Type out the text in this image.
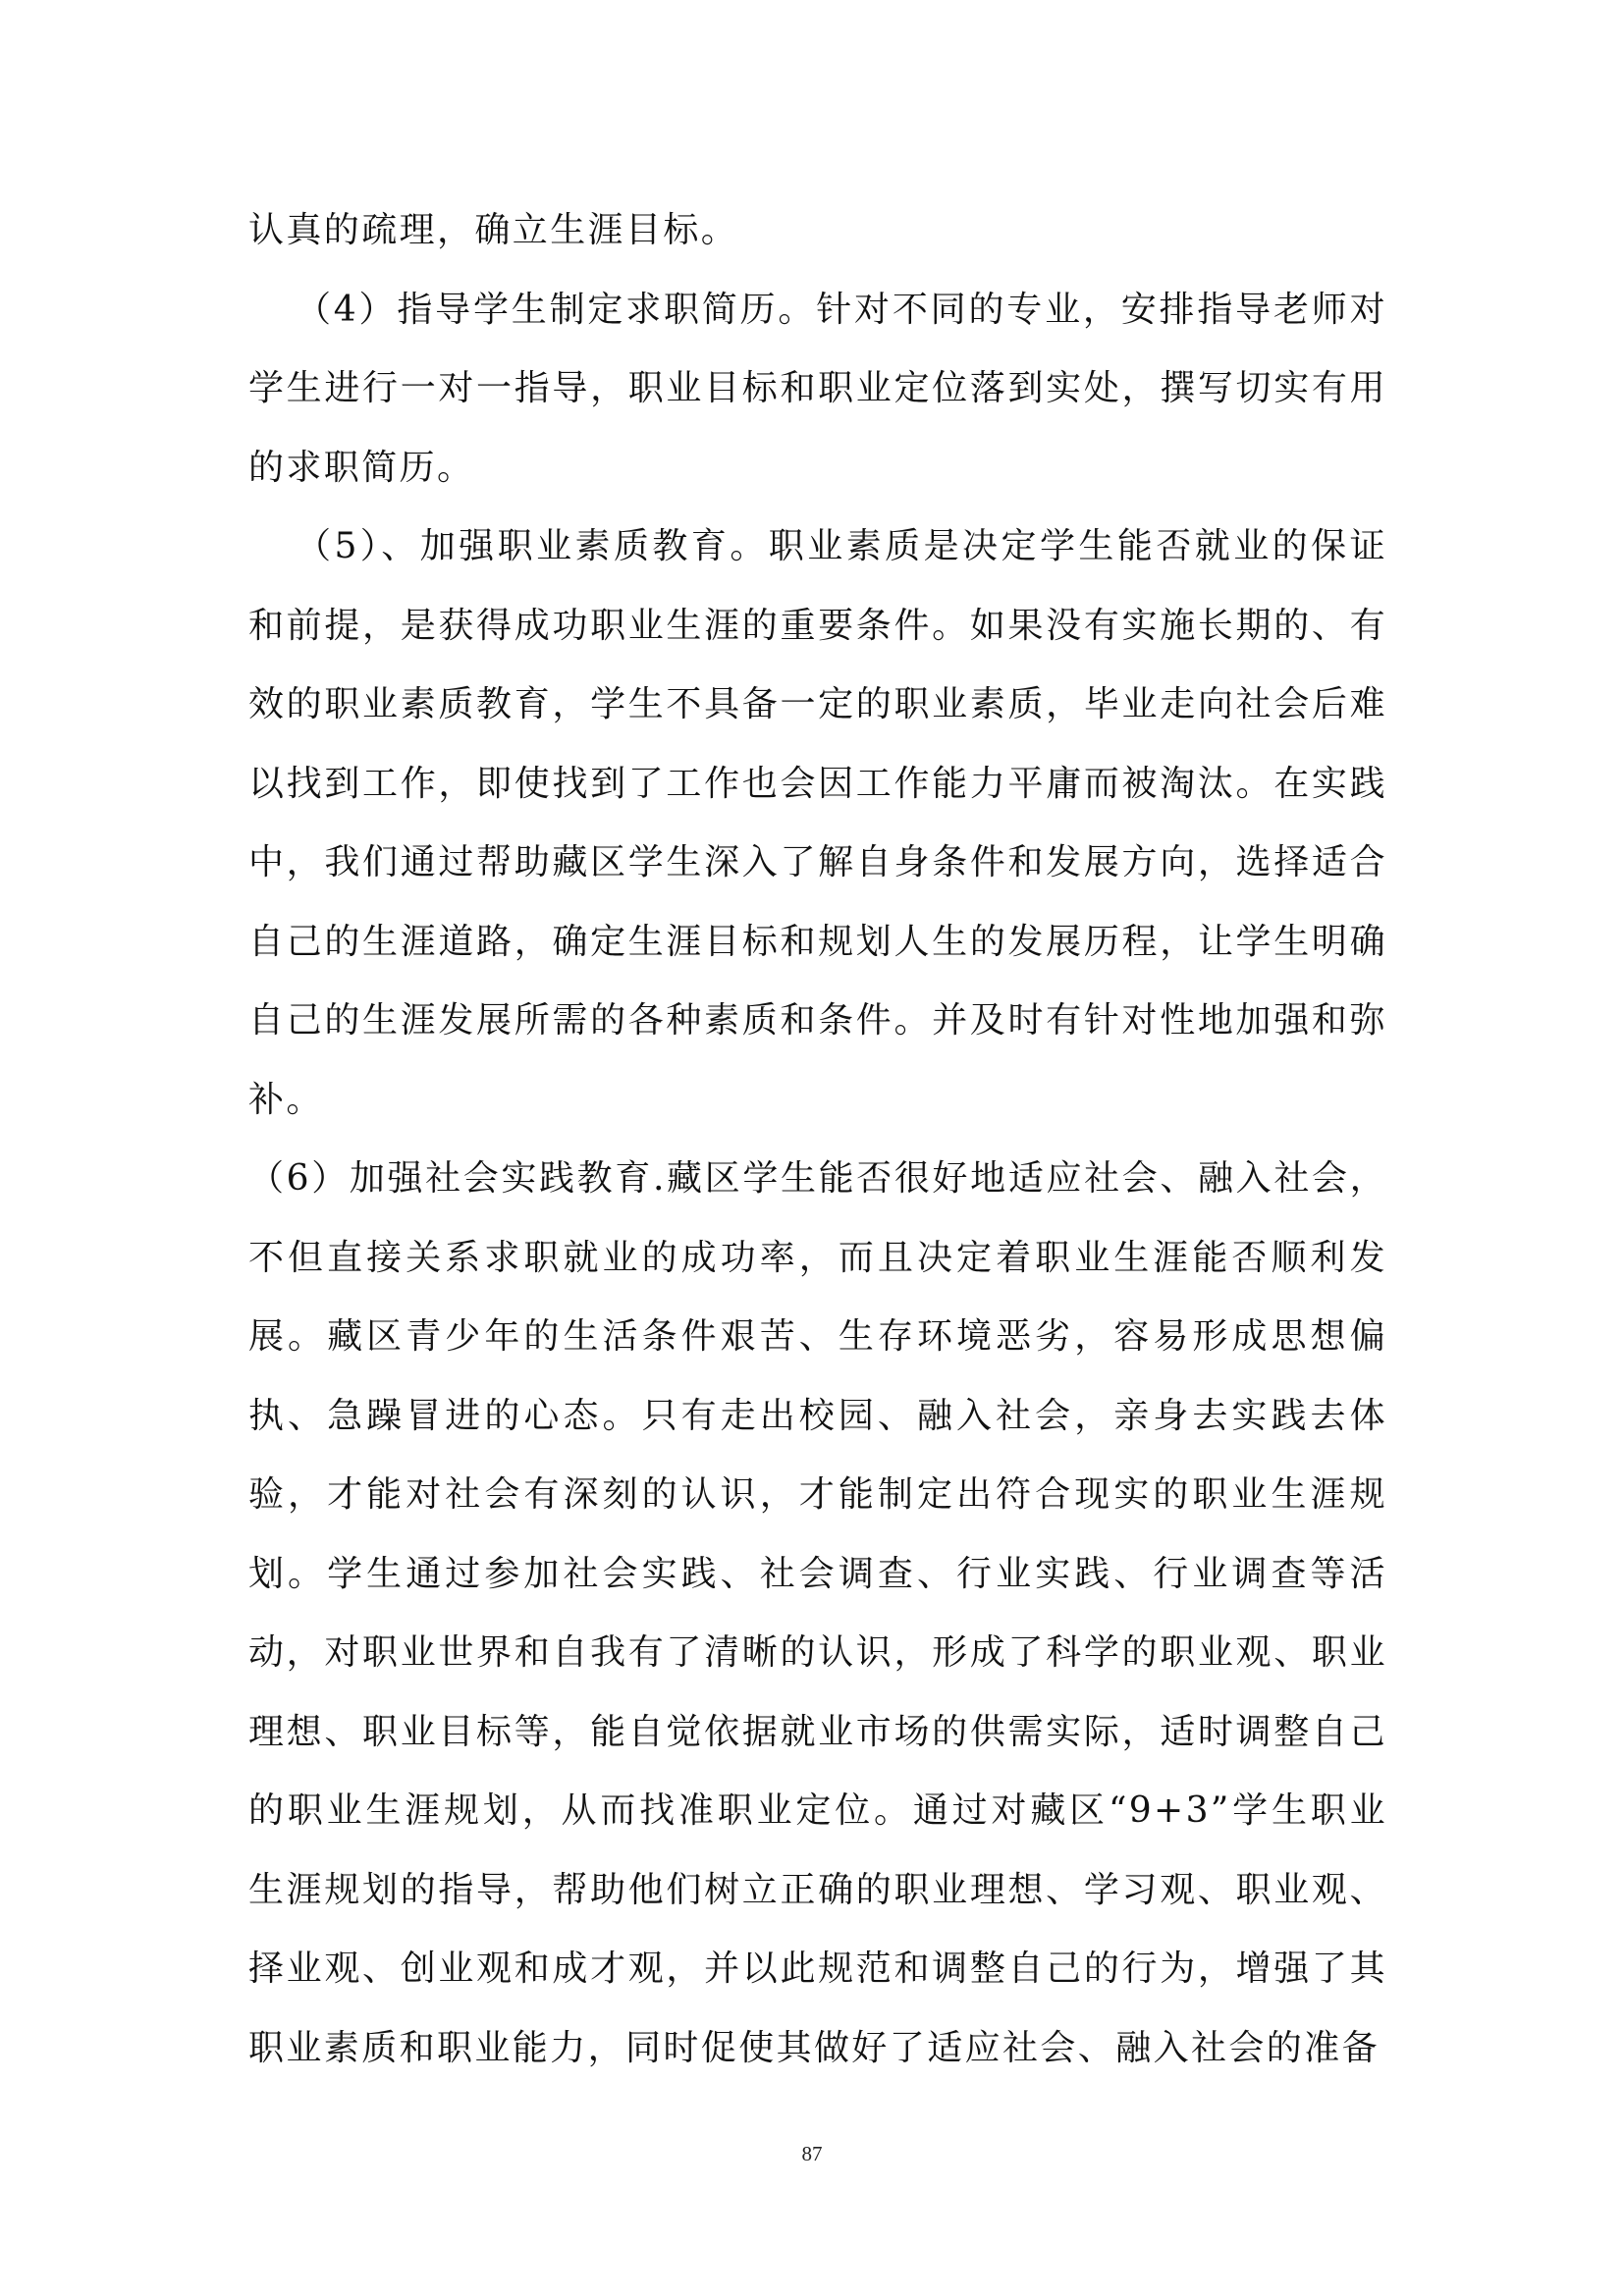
认真的疏理，确立生涯目标。

（4）指导学生制定求职简历。针对不同的专业，安排指导老师对学生进行一对一指导，职业目标和职业定位落到实处，撰写切实有用的求职简历。

（5）、加强职业素质教育。职业素质是决定学生能否就业的保证和前提，是获得成功职业生涯的重要条件。如果没有实施长期的、有效的职业素质教育，学生不具备一定的职业素质，毕业走向社会后难以找到工作，即使找到了工作也会因工作能力平庸而被淘汰。在实践中，我们通过帮助藏区学生深入了解自身条件和发展方向，选择适合自己的生涯道路，确定生涯目标和规划人生的发展历程，让学生明确自己的生涯发展所需的各种素质和条件。并及时有针对性地加强和弥补。

（6）加强社会实践教育.藏区学生能否很好地适应社会、融入社会，不但直接关系求职就业的成功率，而且决定着职业生涯能否顺利发展。藏区青少年的生活条件艰苦、生存环境恶劣，容易形成思想偏执、急躁冒进的心态。只有走出校园、融入社会，亲身去实践去体验，才能对社会有深刻的认识，才能制定出符合现实的职业生涯规划。学生通过参加社会实践、社会调查、行业实践、行业调查等活动，对职业世界和自我有了清晰的认识，形成了科学的职业观、职业理想、职业目标等，能自觉依据就业市场的供需实际，适时调整自己的职业生涯规划，从而找准职业定位。通过对藏区“9+3”学生职业生涯规划的指导，帮助他们树立正确的职业理想、学习观、职业观、择业观、创业观和成才观，并以此规范和调整自己的行为，增强了其职业素质和职业能力，同时促使其做好了适应社会、融入社会的准备

87
